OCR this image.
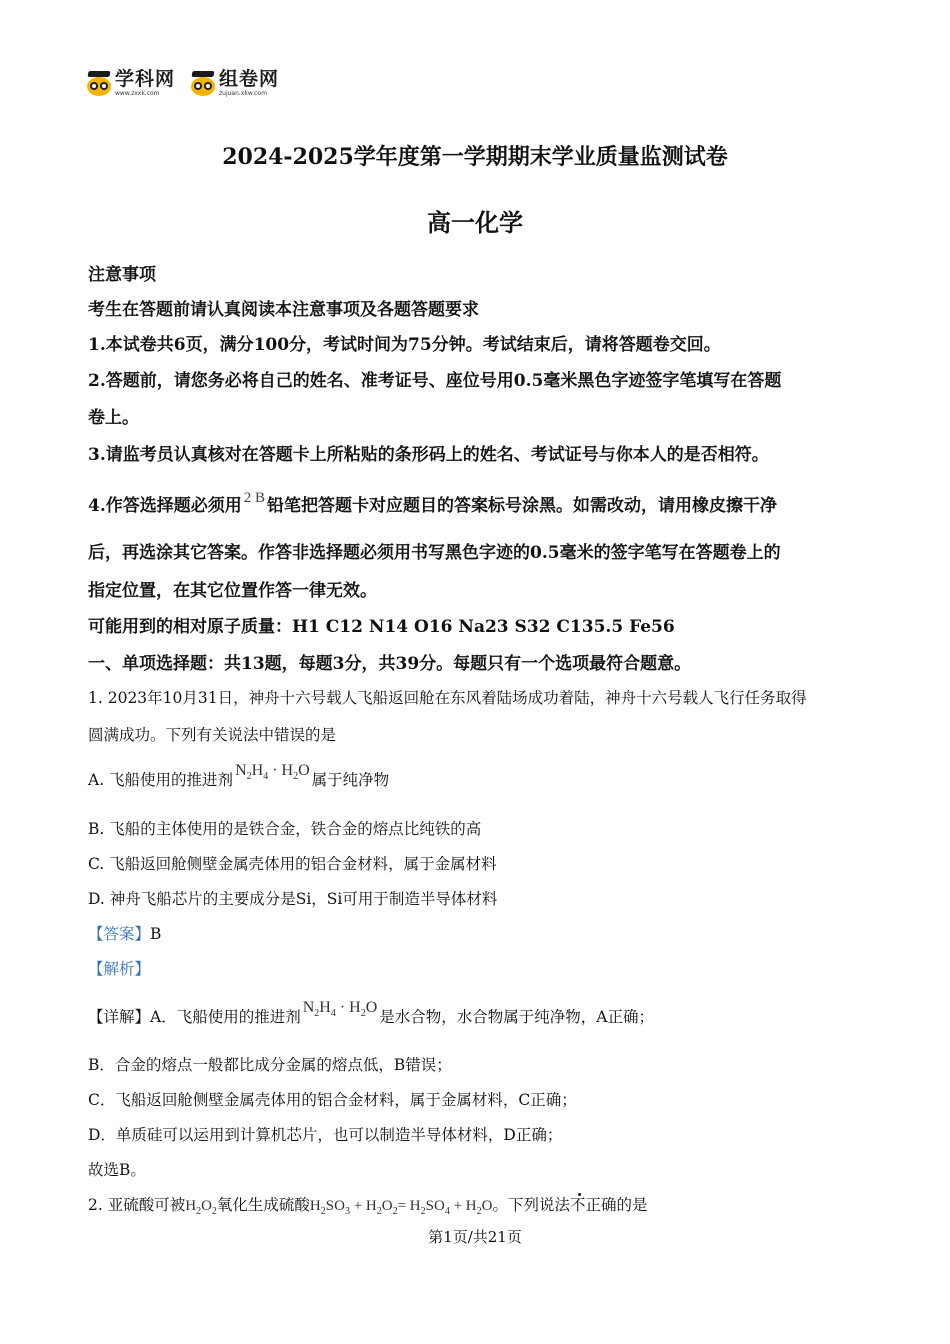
学科网
www.zxxk.com
组卷网
zujuan.xkw.com
2024-2025学年度第一学期期末学业质量监测试卷
高一化学
注意事项
考生在答题前请认真阅读本注意事项及各题答题要求
1.本试卷共6页，满分100分，考试时间为75分钟。考试结束后，请将答题卷交回。
2.答题前，请您务必将自己的姓名、准考证号、座位号用0.5毫米黑色字迹签字笔填写在答题
卷上。
3.请监考员认真核对在答题卡上所粘贴的条形码上的姓名、考试证号与你本人的是否相符。
4.作答选择题必须用 2 B 铅笔把答题卡对应题目的答案标号涂黑。如需改动，请用橡皮擦干净
后，再选涂其它答案。作答非选择题必须用书写黑色字迹的0.5毫米的签字笔写在答题卷上的
指定位置，在其它位置作答一律无效。
可能用到的相对原子质量：H1 C12 N14 O16 Na23 S32 C135.5 Fe56
一、单项选择题：共13题，每题3分，共39分。每题只有一个选项最符合题意。
1. 2023年10月31日，神舟十六号载人飞船返回舱在东风着陆场成功着陆，神舟十六号载人飞行任务取得
圆满成功。下列有关说法中错误的是
A. 飞船使用的推进剂$N_2H_4 \cdot H_2O$属于纯净物
B. 飞船的主体使用的是铁合金，铁合金的熔点比纯铁的高
C. 飞船返回舱侧壁金属壳体用的铝合金材料，属于金属材料
D. 神舟飞船芯片的主要成分是Si，Si可用于制造半导体材料
【答案】B
【解析】
【详解】A．飞船使用的推进剂$N_2H_4 \cdot H_2O$是水合物，水合物属于纯净物，A正确；
B．合金的熔点一般都比成分金属的熔点低，B错误；
C．飞船返回舱侧壁金属壳体用的铝合金材料，属于金属材料，C正确；
D．单质硅可以运用到计算机芯片，也可以制造半导体材料，D正确；
故选B。
2. 亚硫酸可被$H_2O_2$氧化生成硫酸$H_2SO_3 + H_2O_2= H_2SO_4 + H_2O$。下列说法不正确的是
第1页/共21页
